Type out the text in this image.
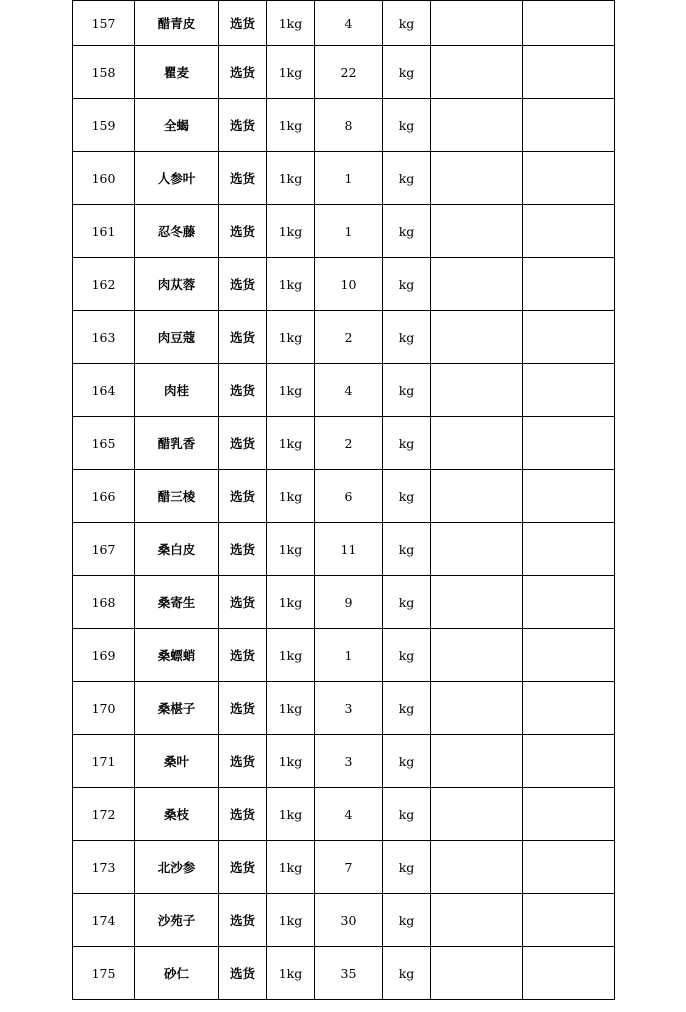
157	醋青皮	选货	1kg	4	kg		
158	瞿麦	选货	1kg	22	kg		
159	全蝎	选货	1kg	8	kg		
160	人参叶	选货	1kg	1	kg		
161	忍冬藤	选货	1kg	1	kg		
162	肉苁蓉	选货	1kg	10	kg		
163	肉豆蔻	选货	1kg	2	kg		
164	肉桂	选货	1kg	4	kg		
165	醋乳香	选货	1kg	2	kg		
166	醋三棱	选货	1kg	6	kg		
167	桑白皮	选货	1kg	11	kg		
168	桑寄生	选货	1kg	9	kg		
169	桑螵蛸	选货	1kg	1	kg		
170	桑椹子	选货	1kg	3	kg		
171	桑叶	选货	1kg	3	kg		
172	桑枝	选货	1kg	4	kg		
173	北沙参	选货	1kg	7	kg		
174	沙苑子	选货	1kg	30	kg		
175	砂仁	选货	1kg	35	kg		
